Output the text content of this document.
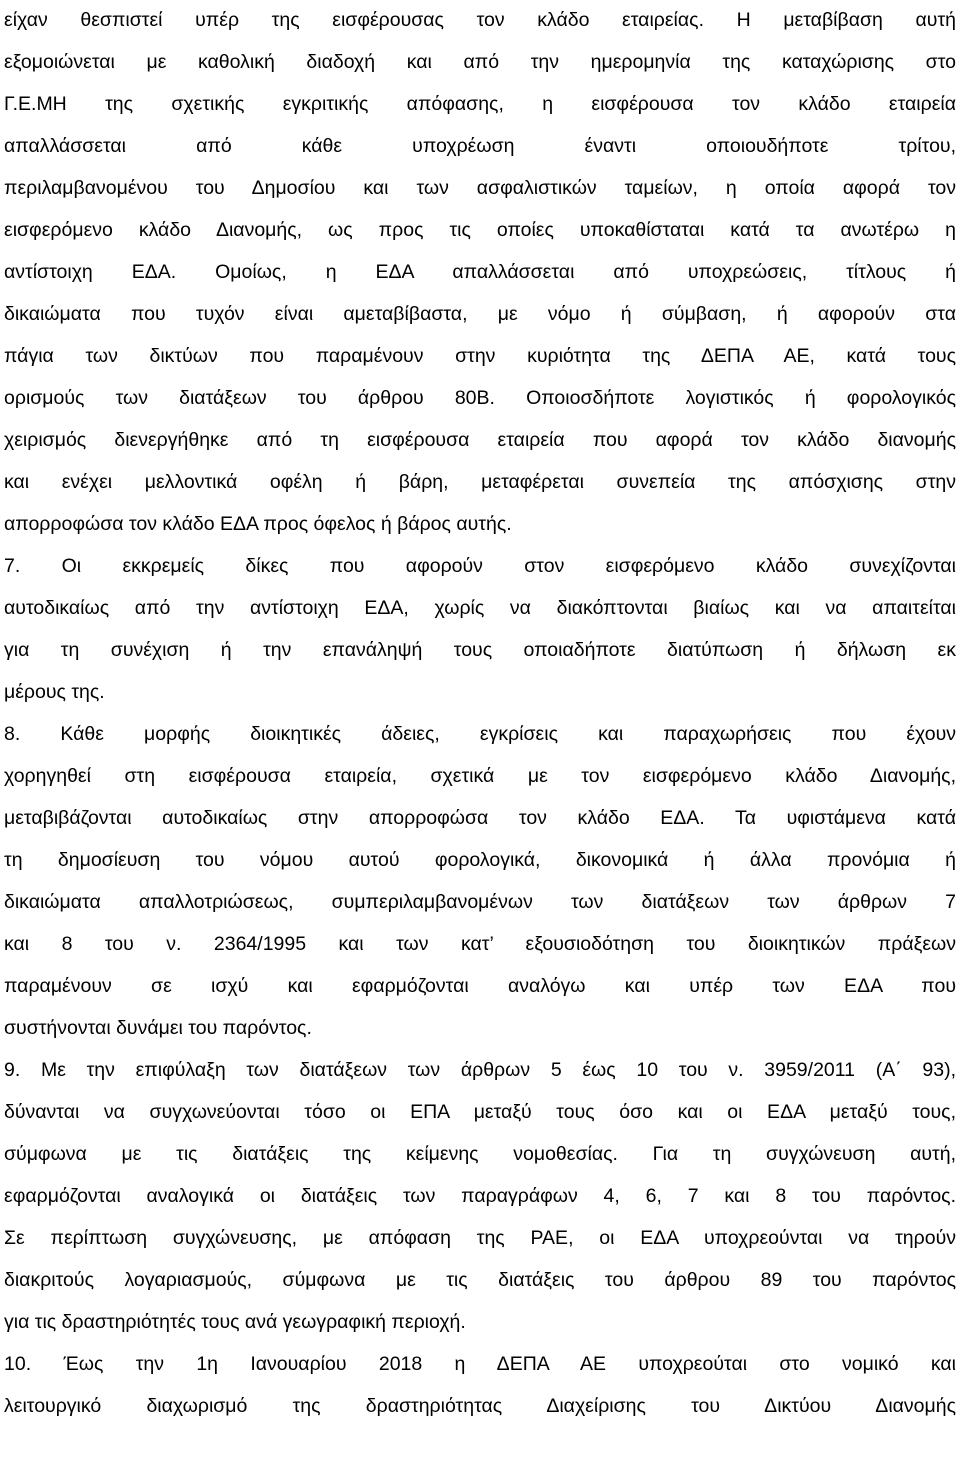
είχαν θεσπιστεί υπέρ της εισφέρουσας τον κλάδο εταιρείας. Η μεταβίβαση αυτή
εξομοιώνεται με καθολική διαδοχή και από την ημερομηνία της καταχώρισης στο
Γ.Ε.ΜΗ της σχετικής εγκριτικής απόφασης, η εισφέρουσα τον κλάδο εταιρεία
απαλλάσσεται από κάθε υποχρέωση έναντι οποιουδήποτε τρίτου,
περιλαμβανομένου του Δημοσίου και των ασφαλιστικών ταμείων, η οποία αφορά τον
εισφερόμενο κλάδο Διανομής, ως προς τις οποίες υποκαθίσταται κατά τα ανωτέρω η
αντίστοιχη ΕΔΑ. Ομοίως, η ΕΔΑ απαλλάσσεται από υποχρεώσεις, τίτλους ή
δικαιώματα που τυχόν είναι αμεταβίβαστα, με νόμο ή σύμβαση, ή αφορούν στα
πάγια των δικτύων που παραμένουν στην κυριότητα της ΔΕΠΑ ΑΕ, κατά τους
ορισμούς των διατάξεων του άρθρου 80Β. Οποιοσδήποτε λογιστικός ή φορολογικός
χειρισμός διενεργήθηκε από τη εισφέρουσα εταιρεία που αφορά τον κλάδο διανομής
και ενέχει μελλοντικά οφέλη ή βάρη, μεταφέρεται συνεπεία της απόσχισης στην
απορροφώσα τον κλάδο ΕΔΑ προς όφελος ή βάρος αυτής.
7. Οι εκκρεμείς δίκες που αφορούν στον εισφερόμενο κλάδο συνεχίζονται
αυτοδικαίως από την αντίστοιχη ΕΔΑ, χωρίς να διακόπτονται βιαίως και να απαιτείται
για τη συνέχιση ή την επανάληψή τους οποιαδήποτε διατύπωση ή δήλωση εκ
μέρους της.
8. Κάθε μορφής διοικητικές άδειες, εγκρίσεις και παραχωρήσεις που έχουν
χορηγηθεί στη εισφέρουσα εταιρεία, σχετικά με τον εισφερόμενο κλάδο Διανομής,
μεταβιβάζονται αυτοδικαίως στην απορροφώσα τον κλάδο ΕΔΑ. Τα υφιστάμενα κατά
τη δημοσίευση του νόμου αυτού φορολογικά, δικονομικά ή άλλα προνόμια ή
δικαιώματα απαλλοτριώσεως, συμπεριλαμβανομένων των διατάξεων των άρθρων 7
και 8 του ν. 2364/1995 και των κατ’ εξουσιοδότηση του διοικητικών πράξεων
παραμένουν σε ισχύ και εφαρμόζονται αναλόγω και υπέρ των ΕΔΑ που
συστήνονται δυνάμει του παρόντος.
9. Με την επιφύλαξη των διατάξεων των άρθρων 5 έως 10 του ν. 3959/2011 (Α΄ 93),
δύνανται να συγχωνεύονται τόσο οι ΕΠΑ μεταξύ τους όσο και οι ΕΔΑ μεταξύ τους,
σύμφωνα με τις διατάξεις της κείμενης νομοθεσίας. Για τη συγχώνευση αυτή,
εφαρμόζονται αναλογικά οι διατάξεις των παραγράφων 4, 6, 7 και 8 του παρόντος.
Σε περίπτωση συγχώνευσης, με απόφαση της ΡΑΕ, οι ΕΔΑ υποχρεούνται να τηρούν
διακριτούς λογαριασμούς, σύμφωνα με τις διατάξεις του άρθρου 89 του παρόντος
για τις δραστηριότητές τους ανά γεωγραφική περιοχή.
10. Έως την 1η Ιανουαρίου 2018 η ΔΕΠΑ ΑΕ υποχρεούται στο νομικό και
λειτουργικό διαχωρισμό της δραστηριότητας Διαχείρισης του Δικτύου Διανομής
